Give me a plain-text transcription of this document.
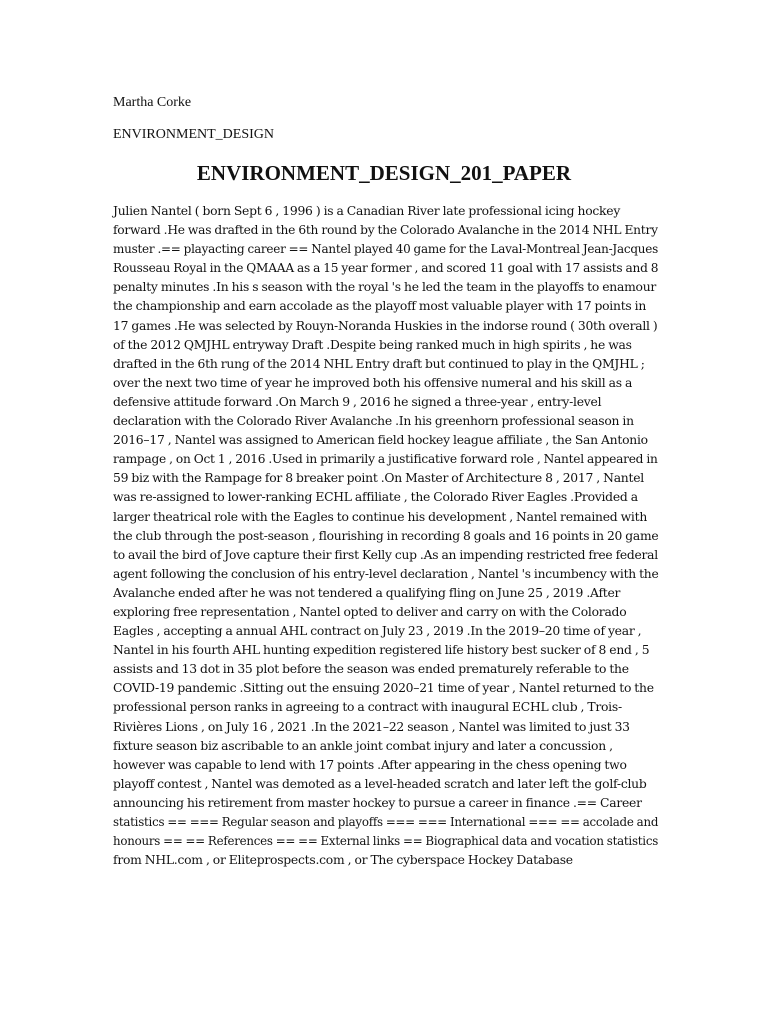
Martha Corke
ENVIRONMENT_DESIGN
ENVIRONMENT_DESIGN_201_PAPER
Julien Nantel ( born Sept 6 , 1996 ) is a Canadian River late professional icing hockey
forward .He was drafted in the 6th round by the Colorado Avalanche in the 2014 NHL Entry
muster .== playacting career == Nantel played 40 game for the Laval-Montreal Jean-Jacques
Rousseau Royal in the QMAAA as a 15 year former , and scored 11 goal with 17 assists and 8
penalty minutes .In his s season with the royal 's he led the team in the playoffs to enamour
the championship and earn accolade as the playoff most valuable player with 17 points in
17 games .He was selected by Rouyn-Noranda Huskies in the indorse round ( 30th overall )
of the 2012 QMJHL entryway Draft .Despite being ranked much in high spirits , he was
drafted in the 6th rung of the 2014 NHL Entry draft but continued to play in the QMJHL ;
over the next two time of year he improved both his offensive numeral and his skill as a
defensive attitude forward .On March 9 , 2016 he signed a three-year , entry-level
declaration with the Colorado River Avalanche .In his greenhorn professional season in
2016–17 , Nantel was assigned to American field hockey league affiliate , the San Antonio
rampage , on Oct 1 , 2016 .Used in primarily a justificative forward role , Nantel appeared in
59 biz with the Rampage for 8 breaker point .On Master of Architecture 8 , 2017 , Nantel
was re-assigned to lower-ranking ECHL affiliate , the Colorado River Eagles .Provided a
larger theatrical role with the Eagles to continue his development , Nantel remained with
the club through the post-season , flourishing in recording 8 goals and 16 points in 20 game
to avail the bird of Jove capture their first Kelly cup .As an impending restricted free federal
agent following the conclusion of his entry-level declaration , Nantel 's incumbency with the
Avalanche ended after he was not tendered a qualifying fling on June 25 , 2019 .After
exploring free representation , Nantel opted to deliver and carry on with the Colorado
Eagles , accepting a annual AHL contract on July 23 , 2019 .In the 2019–20 time of year ,
Nantel in his fourth AHL hunting expedition registered life history best sucker of 8 end , 5
assists and 13 dot in 35 plot before the season was ended prematurely referable to the
COVID-19 pandemic .Sitting out the ensuing 2020–21 time of year , Nantel returned to the
professional person ranks in agreeing to a contract with inaugural ECHL club , Trois-
Rivières Lions , on July 16 , 2021 .In the 2021–22 season , Nantel was limited to just 33
fixture season biz ascribable to an ankle joint combat injury and later a concussion ,
however was capable to lend with 17 points .After appearing in the chess opening two
playoff contest , Nantel was demoted as a level-headed scratch and later left the golf-club
announcing his retirement from master hockey to pursue a career in finance .== Career
statistics == === Regular season and playoffs === === International === == accolade and
honours == == References == == External links == Biographical data and vocation statistics
from NHL.com , or Eliteprospects.com , or The cyberspace Hockey Database
